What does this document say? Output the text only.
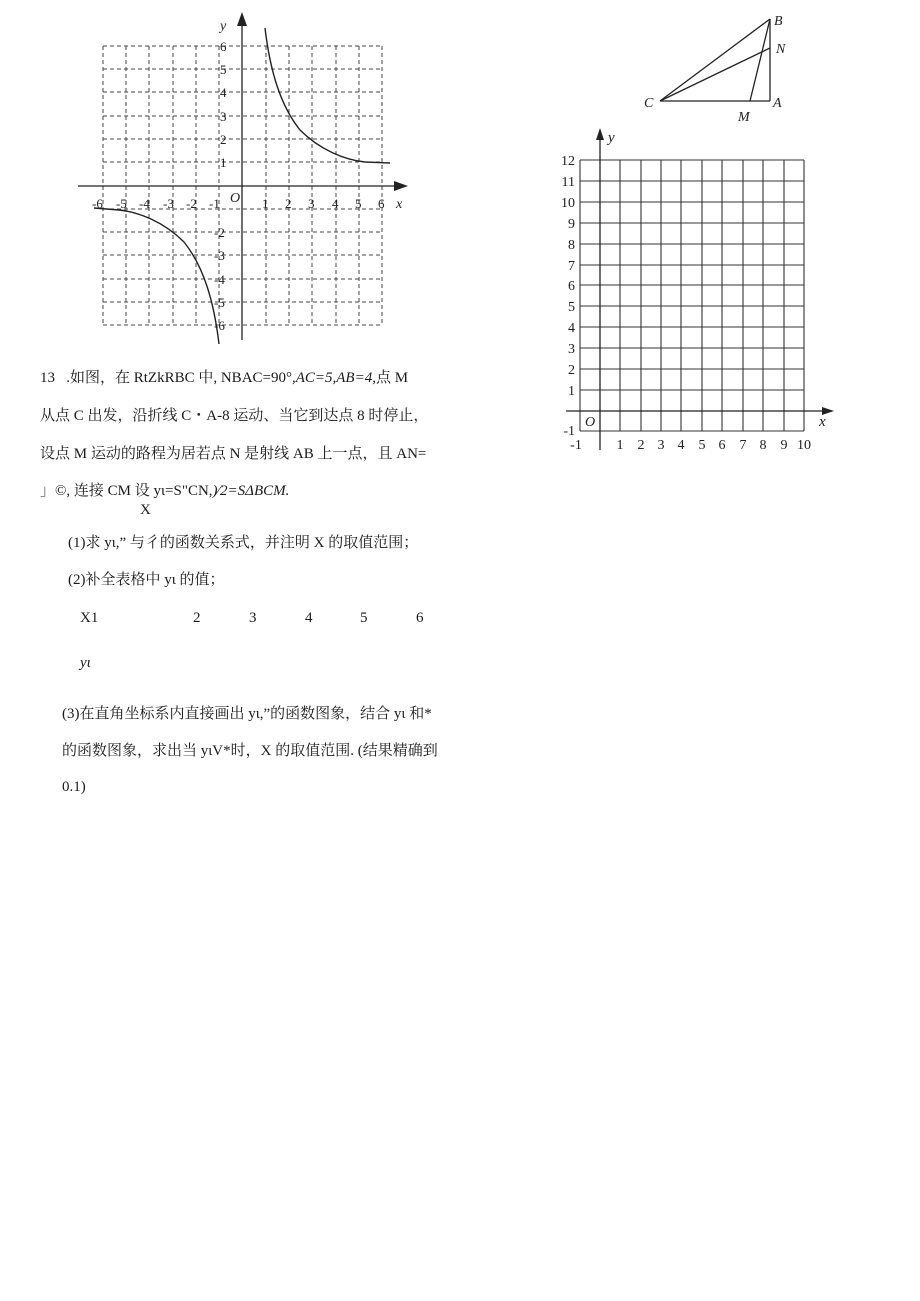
y
x
O
-6 -5 -4 -3 -2 -1	1 2 3 4 5 6
6
5
4
3
2
1
-2
-3
-4
-5
-6
B
N
C
M
A
y
x
O
12
11
10
9
8
7
6
5
4
3
2
1
-1
-1 1 2 3 4 5 6 7 8 9 10
13 .如图，在 RtZkRBC 中, NBAC=90°,AC=5,AB=4,点 M
从点 C 出发，沿折线 C・A-8 运动、当它到达点 8 时停止，
设点 M 运动的路程为居若点 N 是射线 AB 上一点，且 AN=
」©, 连接 CM 设 yι=S"CN,)∕2=SΔBCM.
X
(1)求 yι,” 与彳的函数关系式，并注明 X 的取值范围；
(2)补全表格中 yι 的值；
X1	2	3	4	5	6
yι
(3)在直角坐标系内直接画出 yι,”的函数图象，结合 yι 和*
的函数图象，求出当 yιV*时，X 的取值范围. (结果精确到
0.1)
